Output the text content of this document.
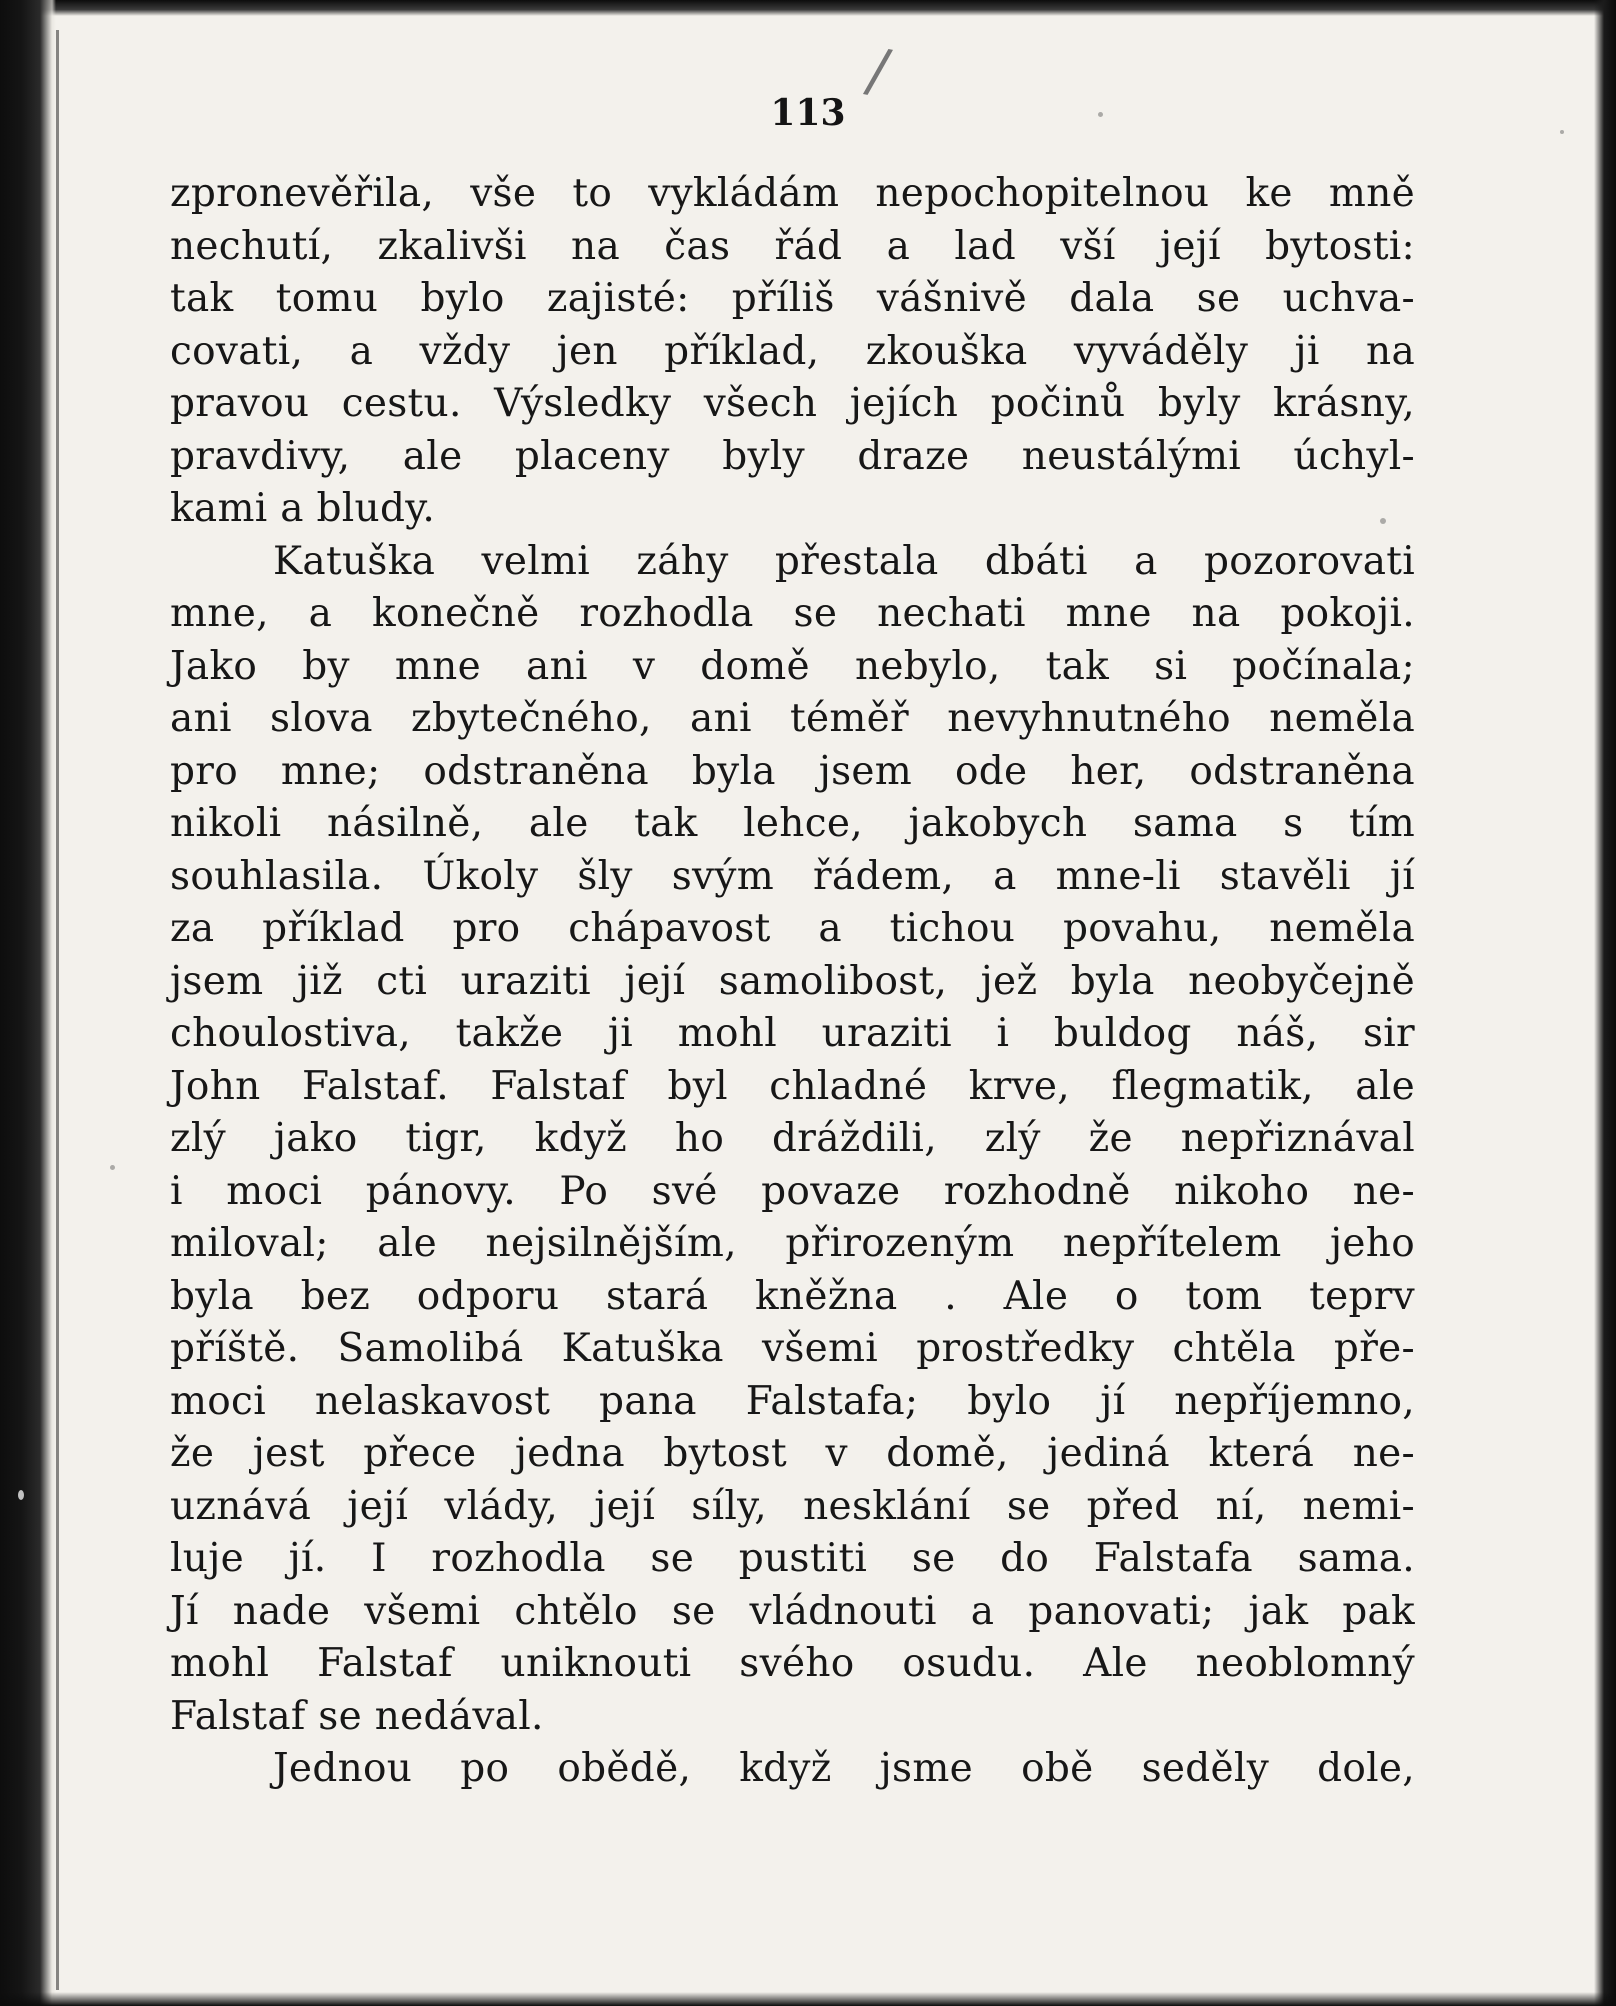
/
113
zpronevěřila, vše to vykládám nepochopitelnou ke mně
nechutí, zkalivši na čas řád a lad vší její bytosti:
tak tomu bylo zajisté: příliš vášnivě dala se uchva-
covati, a vždy jen příklad, zkouška vyváděly ji na
pravou cestu. Výsledky všech jejích počinů byly krásny,
pravdivy, ale placeny byly draze neustálými úchyl-
kami a bludy.
Katuška velmi záhy přestala dbáti a pozorovati
mne, a konečně rozhodla se nechati mne na pokoji.
Jako by mne ani v domě nebylo, tak si počínala;
ani slova zbytečného, ani téměř nevyhnutného neměla
pro mne; odstraněna byla jsem ode her, odstraněna
nikoli násilně, ale tak lehce, jakobych sama s tím
souhlasila. Úkoly šly svým řádem, a mne-li stavěli jí
za příklad pro chápavost a tichou povahu, neměla
jsem již cti uraziti její samolibost, jež byla neobyčejně
choulostiva, takže ji mohl uraziti i buldog náš, sir
John Falstaf. Falstaf byl chladné krve, flegmatik, ale
zlý jako tigr, když ho dráždili, zlý že nepřiznával
i moci pánovy. Po své povaze rozhodně nikoho ne-
miloval; ale nejsilnějším, přirozeným nepřítelem jeho
byla bez odporu stará kněžna . Ale o tom teprv
příště. Samolibá Katuška všemi prostředky chtěla pře-
moci nelaskavost pana Falstafa; bylo jí nepříjemno,
že jest přece jedna bytost v domě, jediná která ne-
uznává její vlády, její síly, nesklání se před ní, nemi-
luje jí. I rozhodla se pustiti se do Falstafa sama.
Jí nade všemi chtělo se vládnouti a panovati; jak pak
mohl Falstaf uniknouti svého osudu. Ale neoblomný
Falstaf se nedával.
Jednou po obědě, když jsme obě seděly dole,
